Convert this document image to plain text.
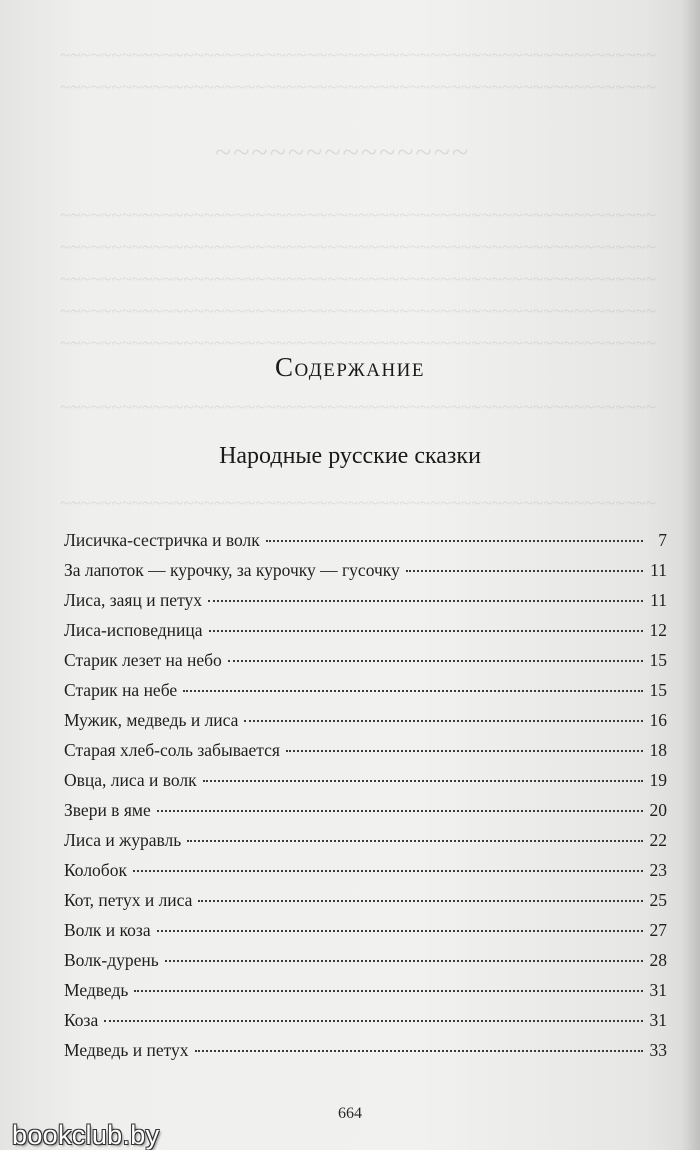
~~~~~~~~~~~~~~~~~~~~~~~~~~~~~~~~~~~~~~~~~~~~~~~~~~~~~~~~~~
~~~~~~~~~~~~~~~~~~~~~~~~~~~~~~~~~~~~~~~~~~~~~~~~~~~~~~~~~~
~~~~~~~~~~~~~~
~~~~~~~~~~~~~~~~~~~~~~~~~~~~~~~~~~~~~~~~~~~~~~~~~~~~~~~~~~
~~~~~~~~~~~~~~~~~~~~~~~~~~~~~~~~~~~~~~~~~~~~~~~~~~~~~~~~~~
~~~~~~~~~~~~~~~~~~~~~~~~~~~~~~~~~~~~~~~~~~~~~~~~~~~~~~~~~~
~~~~~~~~~~~~~~~~~~~~~~~~~~~~~~~~~~~~~~~~~~~~~~~~~~~~~~~~~~
~~~~~~~~~~~~~~~~~~~~~~~~~~~~~~~~~~~~~~~~~~~~~~~~~~~~~~~~~~
~~~~~~~~~~~~~~~~~~~~~~~~~~~~~~~~~~~~~~~~~~~~~~~~~~~~~~~~~~
~~~~~~~~~~~~~~~~~~~~~~~~~~~~~~~~~~~~~~~~~~~~~~~~~~~~~~~~~~
Содержание
Народные русские сказки
Лисичка-сестричка и волк	7
За лапоток — курочку, за курочку — гусочку	11
Лиса, заяц и петух	11
Лиса-исповедница	12
Старик лезет на небо	15
Старик на небе	15
Мужик, медведь и лиса	16
Старая хлеб-соль забывается	18
Овца, лиса и волк	19
Звери в яме	20
Лиса и журавль	22
Колобок	23
Кот, петух и лиса	25
Волк и коза	27
Волк-дурень	28
Медведь	31
Коза	31
Медведь и петух	33
664
bookclub.by
